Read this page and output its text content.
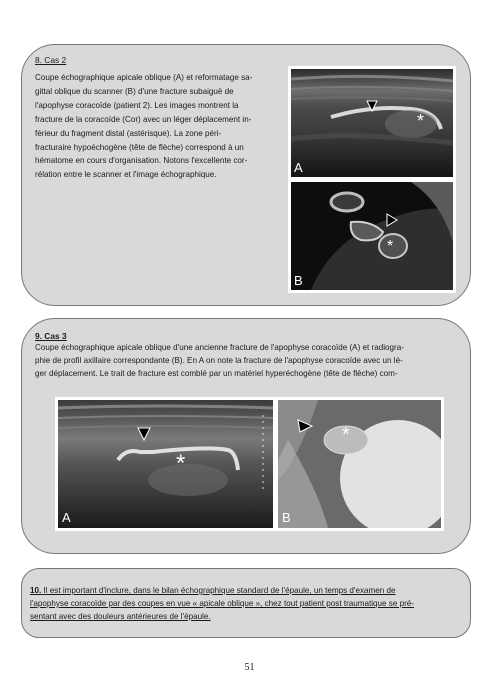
8. Cas 2
Coupe échographique apicale oblique (A) et reformatage sa-
gittal oblique du scanner (B) d'une fracture subaiguë de
l'apophyse coracoïde (patient 2). Les images montrent la
fracture de la coracoïde (Cor) avec un léger déplacement in-
férieur du fragment distal (astérisque). La zone péri-
fracturaire hypoéchogène (tête de flèche) correspond à un
hématome en cours d'organisation. Notons l'excellente cor-
rélation entre le scanner et l'image échographique.	A
*
B
*
9. Cas 3
Coupe échographique apicale oblique d'une ancienne fracture de l'apophyse coracoïde (A) et radiogra-
phie de profil axillaire correspondante (B). En A on note la fracture de l'apophyse coracoïde avec un lé-
ger déplacement. Le trait de fracture est comblé par un matériel hyperéchogène (tête de flèche) com-
A
*
B
*
10. Il est important d'inclure, dans le bilan échographique standard de l'épaule, un temps d'examen de
l'apophyse coracoïde par des coupes en vue « apicale oblique », chez tout patient post traumatique se pré-
sentant avec des douleurs antérieures de l'épaule.
51
